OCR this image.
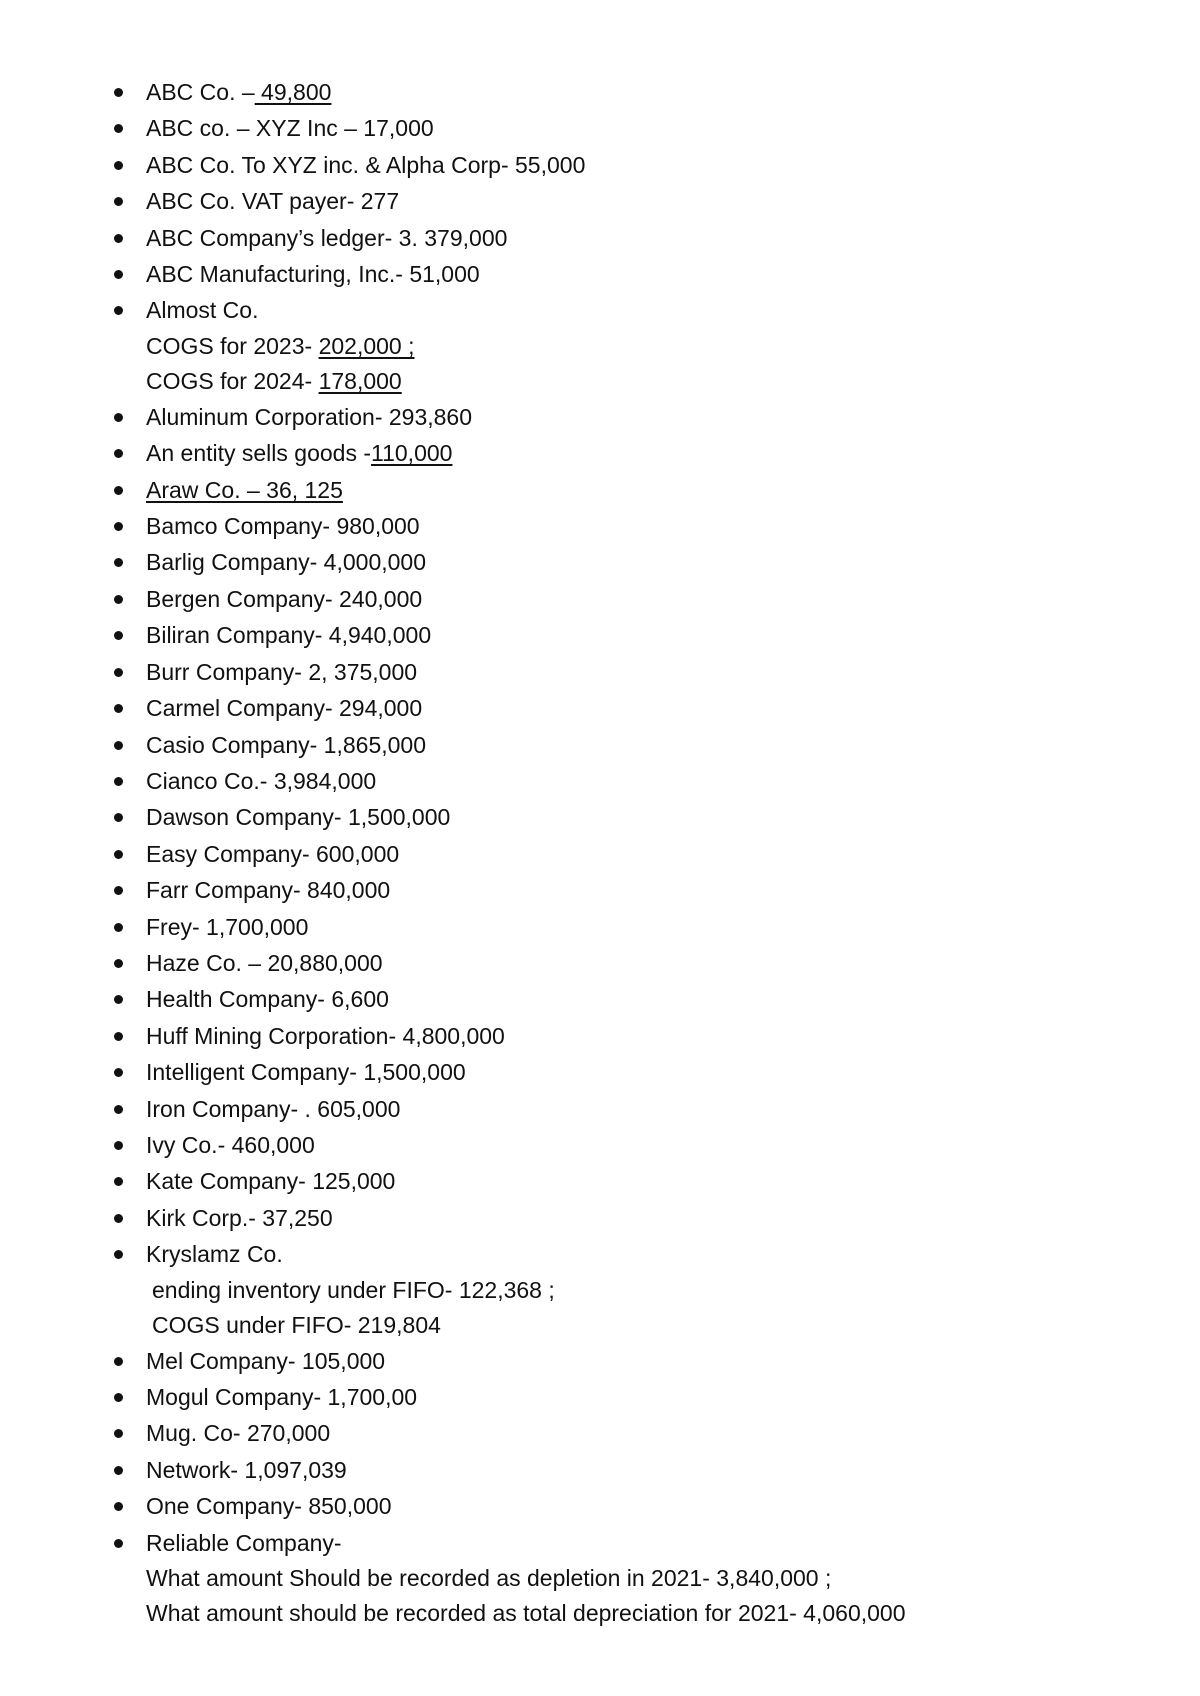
ABC Co. – 49,800
ABC co. – XYZ Inc – 17,000
ABC Co. To XYZ inc. & Alpha Corp- 55,000
ABC Co. VAT payer- 277
ABC Company’s ledger- 3. 379,000
ABC Manufacturing, Inc.- 51,000
Almost Co.
COGS for 2023- 202,000 ;
COGS for 2024- 178,000
Aluminum Corporation- 293,860
An entity sells goods -110,000
Araw Co. – 36, 125
Bamco Company- 980,000
Barlig Company- 4,000,000
Bergen Company- 240,000
Biliran Company- 4,940,000
Burr Company- 2, 375,000
Carmel Company- 294,000
Casio Company- 1,865,000
Cianco Co.- 3,984,000
Dawson Company- 1,500,000
Easy Company- 600,000
Farr Company- 840,000
Frey- 1,700,000
Haze Co. – 20,880,000
Health Company- 6,600
Huff Mining Corporation- 4,800,000
Intelligent Company- 1,500,000
Iron Company- . 605,000
Ivy Co.- 460,000
Kate Company- 125,000
Kirk Corp.- 37,250
Kryslamz Co.
ending inventory under FIFO- 122,368 ;
COGS under FIFO- 219,804
Mel Company- 105,000
Mogul Company- 1,700,00
Mug. Co- 270,000
Network- 1,097,039
One Company- 850,000
Reliable Company-
What amount Should be recorded as depletion in 2021- 3,840,000 ;
What amount should be recorded as total depreciation for 2021- 4,060,000
